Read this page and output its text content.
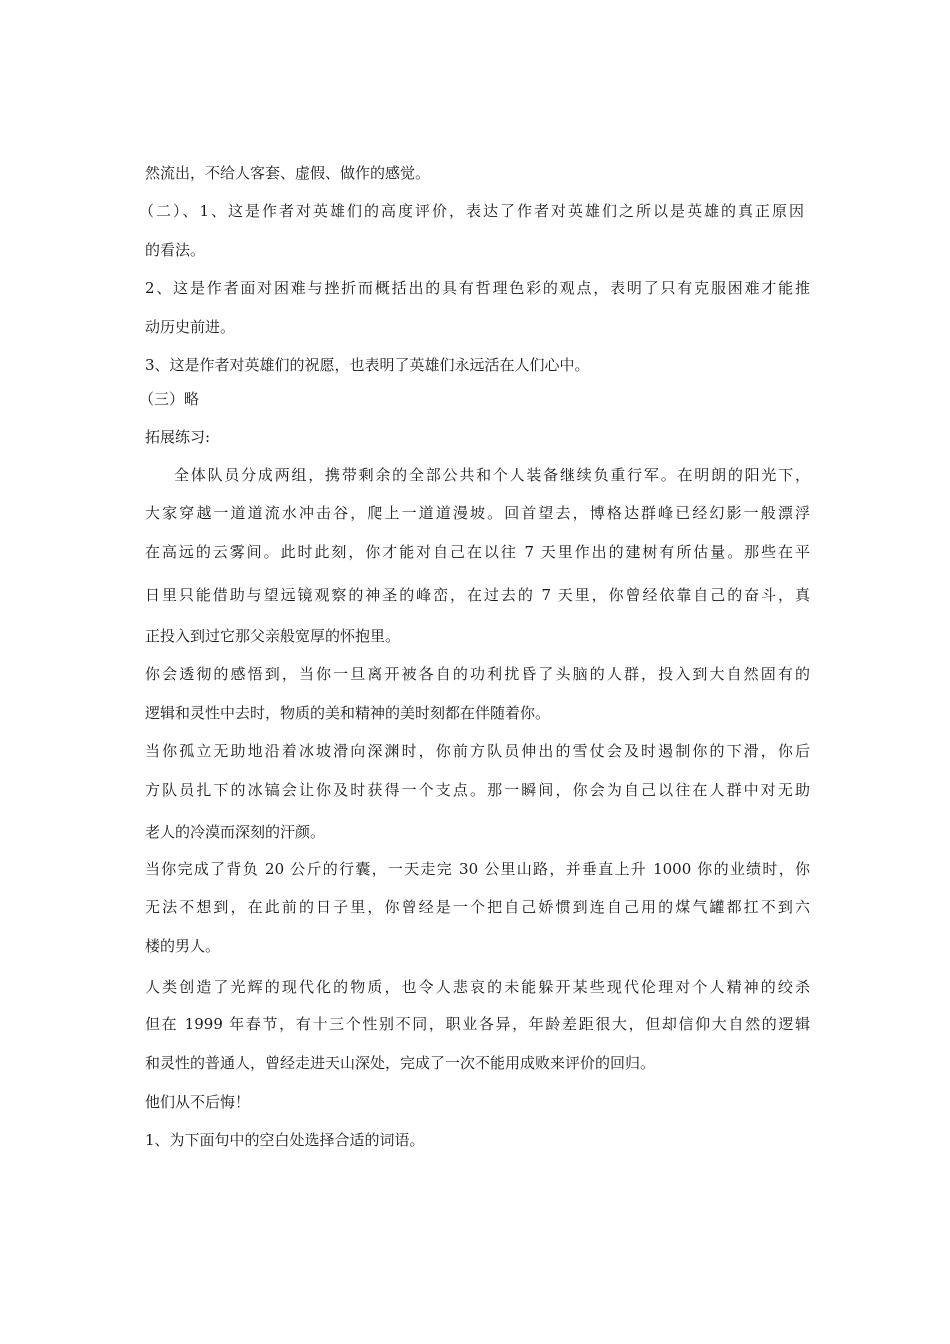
然流出，不给人客套、虚假、做作的感觉。
（二）、1、这是作者对英雄们的高度评价，表达了作者对英雄们之所以是英雄的真正原因
的看法。
2、这是作者面对困难与挫折而概括出的具有哲理色彩的观点，表明了只有克服困难才能推
动历史前进。
3、这是作者对英雄们的祝愿，也表明了英雄们永远活在人们心中。
（三）略
拓展练习:
全体队员分成两组，携带剩余的全部公共和个人装备继续负重行军。在明朗的阳光下，
大家穿越一道道流水冲击谷，爬上一道道漫坡。回首望去，博格达群峰已经幻影一般漂浮
在高远的云雾间。此时此刻，你才能对自己在以往 7 天里作出的建树有所估量。那些在平
日里只能借助与望远镜观察的神圣的峰峦，在过去的 7 天里，你曾经依靠自己的奋斗，真
正投入到过它那父亲般宽厚的怀抱里。
你会透彻的感悟到，当你一旦离开被各自的功利扰昏了头脑的人群，投入到大自然固有的
逻辑和灵性中去时，物质的美和精神的美时刻都在伴随着你。
当你孤立无助地沿着冰坡滑向深渊时，你前方队员伸出的雪仗会及时遏制你的下滑，你后
方队员扎下的冰镐会让你及时获得一个支点。那一瞬间，你会为自己以往在人群中对无助
老人的冷漠而深刻的汗颜。
当你完成了背负 20 公斤的行囊，一天走完 30 公里山路，并垂直上升 1000 你的业绩时，你
无法不想到，在此前的日子里，你曾经是一个把自己娇惯到连自己用的煤气罐都扛不到六
楼的男人。
人类创造了光辉的现代化的物质，也令人悲哀的未能躲开某些现代伦理对个人精神的绞杀
但在 1999 年春节，有十三个性别不同，职业各异，年龄差距很大，但却信仰大自然的逻辑
和灵性的普通人，曾经走进天山深处，完成了一次不能用成败来评价的回归。
他们从不后悔！
1、为下面句中的空白处选择合适的词语。
